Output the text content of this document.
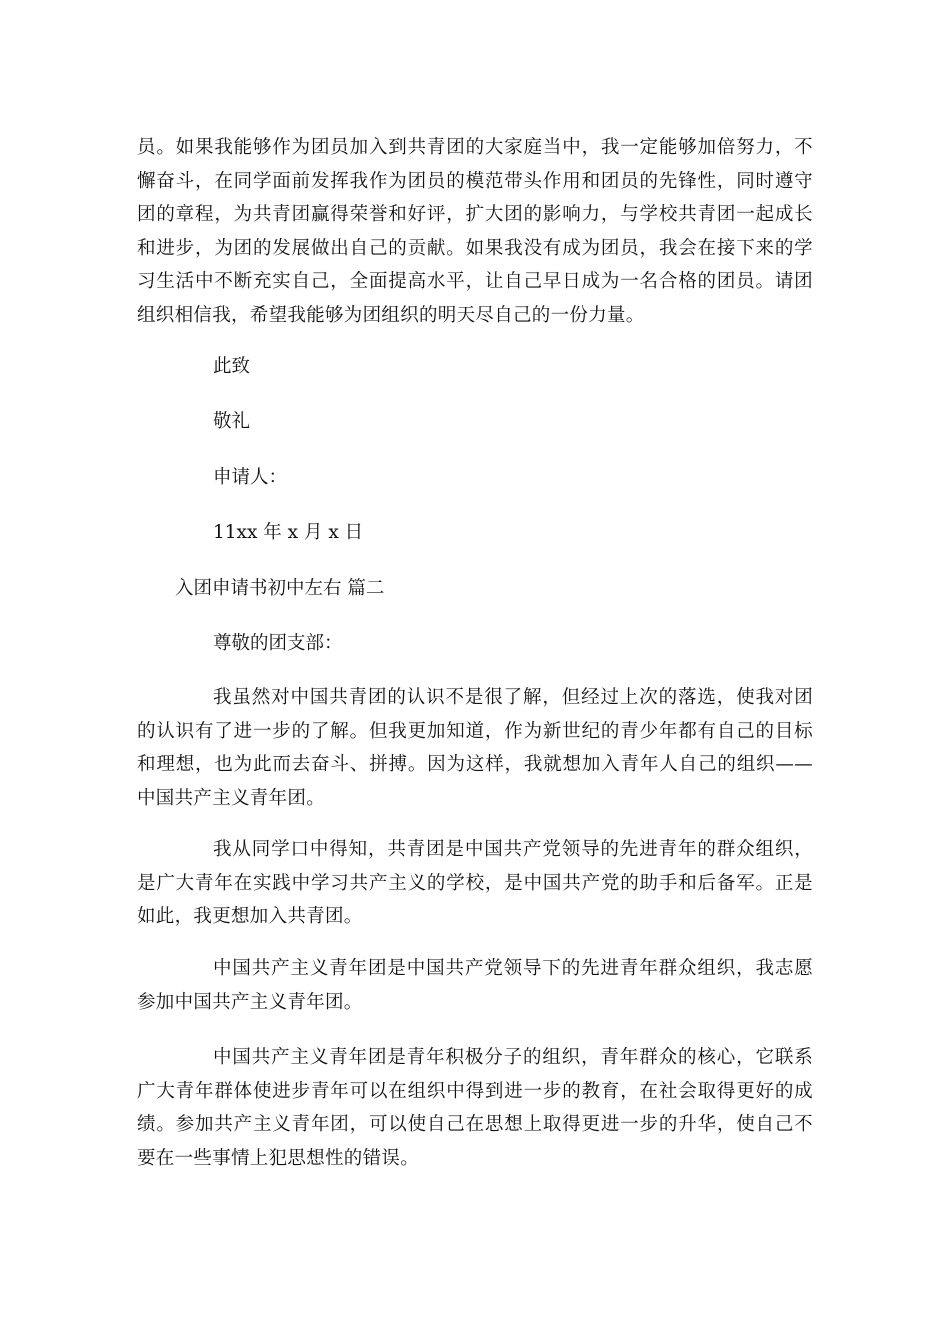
员。如果我能够作为团员加入到共青团的大家庭当中，我一定能够加倍努力，不懈奋斗，在同学面前发挥我作为团员的模范带头作用和团员的先锋性，同时遵守团的章程，为共青团赢得荣誉和好评，扩大团的影响力，与学校共青团一起成长和进步，为团的发展做出自己的贡献。如果我没有成为团员，我会在接下来的学习生活中不断充实自己，全面提高水平，让自己早日成为一名合格的团员。请团组织相信我，希望我能够为团组织的明天尽自己的一份力量。

此致

敬礼

申请人：

11xx 年 x 月 x 日

入团申请书初中左右 篇二

尊敬的团支部：

我虽然对中国共青团的认识不是很了解，但经过上次的落选，使我对团的认识有了进一步的了解。但我更加知道，作为新世纪的青少年都有自己的目标和理想，也为此而去奋斗、拼搏。因为这样，我就想加入青年人自己的组织——中国共产主义青年团。

我从同学口中得知，共青团是中国共产党领导的先进青年的群众组织，是广大青年在实践中学习共产主义的学校，是中国共产党的助手和后备军。正是如此，我更想加入共青团。

中国共产主义青年团是中国共产党领导下的先进青年群众组织，我志愿参加中国共产主义青年团。

中国共产主义青年团是青年积极分子的组织，青年群众的核心，它联系广大青年群体使进步青年可以在组织中得到进一步的教育，在社会取得更好的成绩。参加共产主义青年团，可以使自己在思想上取得更进一步的升华，使自己不要在一些事情上犯思想性的错误。
